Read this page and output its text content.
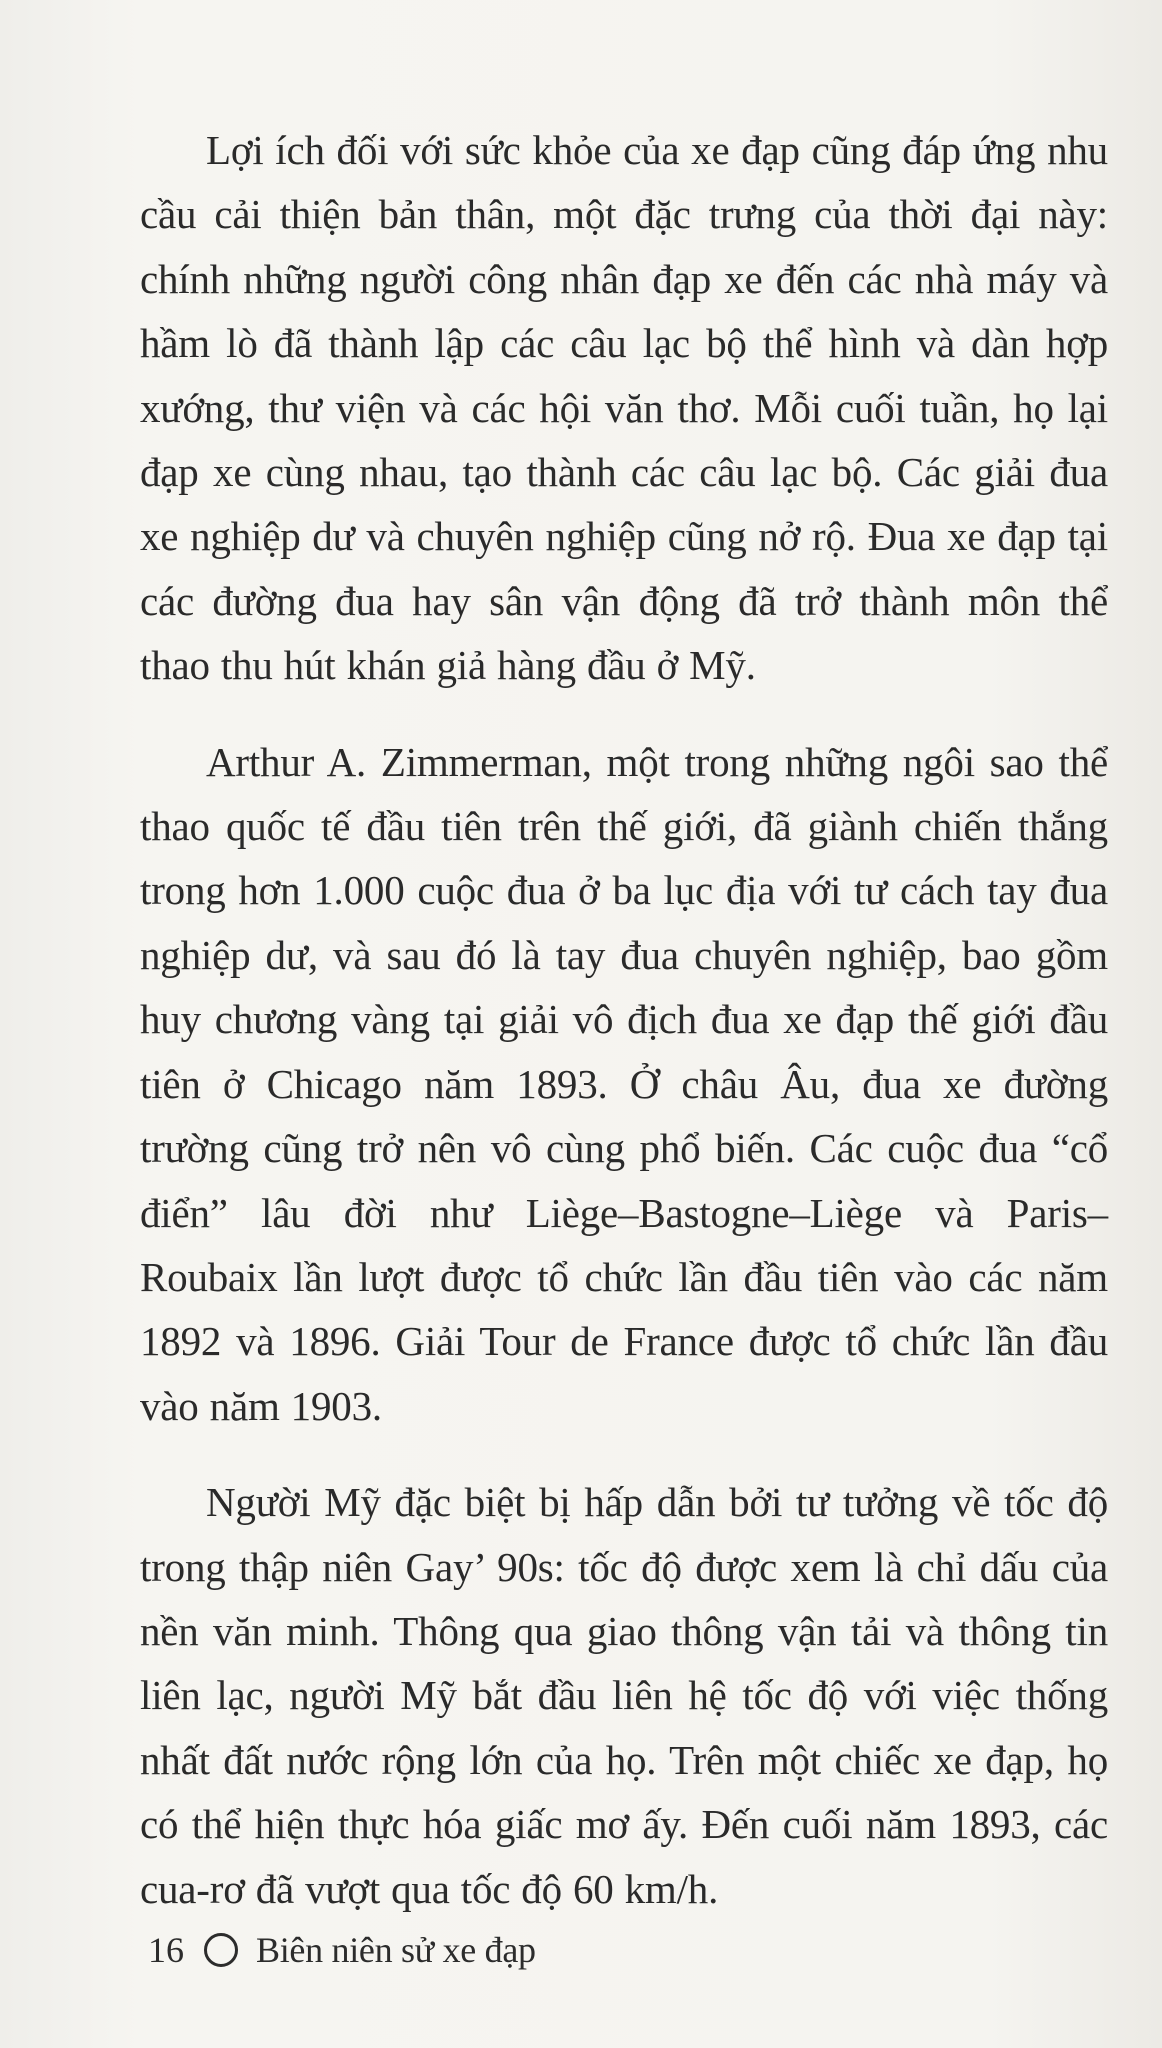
Lợi ích đối với sức khỏe của xe đạp cũng đáp ứng nhu cầu cải thiện bản thân, một đặc trưng của thời đại này: chính những người công nhân đạp xe đến các nhà máy và hầm lò đã thành lập các câu lạc bộ thể hình và dàn hợp xướng, thư viện và các hội văn thơ. Mỗi cuối tuần, họ lại đạp xe cùng nhau, tạo thành các câu lạc bộ. Các giải đua xe nghiệp dư và chuyên nghiệp cũng nở rộ. Đua xe đạp tại các đường đua hay sân vận động đã trở thành môn thể thao thu hút khán giả hàng đầu ở Mỹ.

Arthur A. Zimmerman, một trong những ngôi sao thể thao quốc tế đầu tiên trên thế giới, đã giành chiến thắng trong hơn 1.000 cuộc đua ở ba lục địa với tư cách tay đua nghiệp dư, và sau đó là tay đua chuyên nghiệp, bao gồm huy chương vàng tại giải vô địch đua xe đạp thế giới đầu tiên ở Chicago năm 1893. Ở châu Âu, đua xe đường trường cũng trở nên vô cùng phổ biến. Các cuộc đua “cổ điển” lâu đời như Liège–Bastogne–Liège và Paris–Roubaix lần lượt được tổ chức lần đầu tiên vào các năm 1892 và 1896. Giải Tour de France được tổ chức lần đầu vào năm 1903.

Người Mỹ đặc biệt bị hấp dẫn bởi tư tưởng về tốc độ trong thập niên Gay’ 90s: tốc độ được xem là chỉ dấu của nền văn minh. Thông qua giao thông vận tải và thông tin liên lạc, người Mỹ bắt đầu liên hệ tốc độ với việc thống nhất đất nước rộng lớn của họ. Trên một chiếc xe đạp, họ có thể hiện thực hóa giấc mơ ấy. Đến cuối năm 1893, các cua-rơ đã vượt qua tốc độ 60 km/h.

16 Biên niên sử xe đạp
